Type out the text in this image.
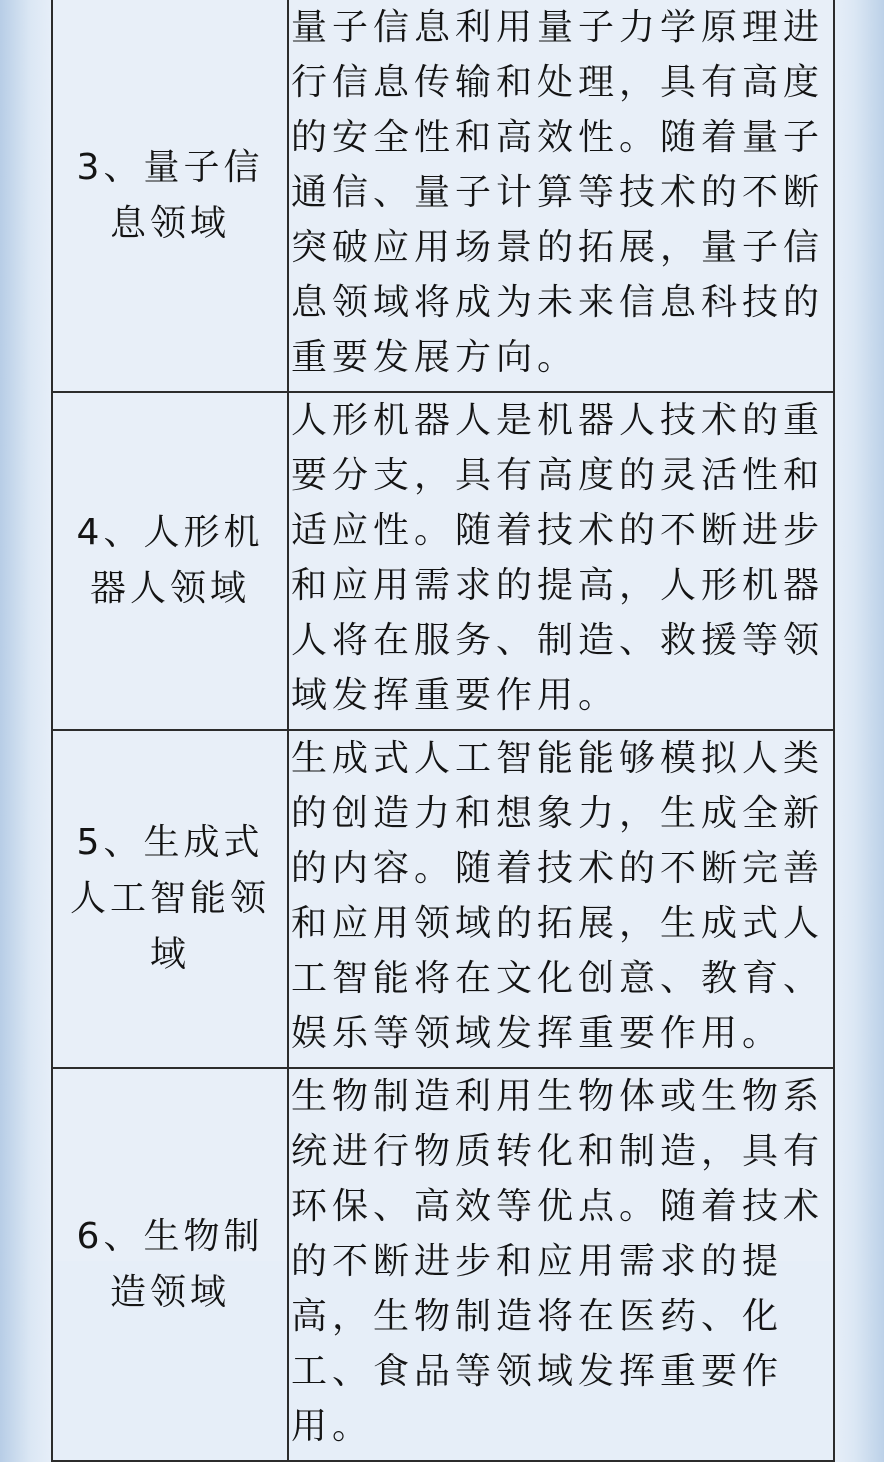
3、量子信息领域	量子信息利用量子力学原理进行信息传输和处理，具有高度的安全性和高效性。随着量子通信、量子计算等技术的不断突破应用场景的拓展，量子信息领域将成为未来信息科技的重要发展方向。
4、人形机器人领域	人形机器人是机器人技术的重要分支，具有高度的灵活性和适应性。随着技术的不断进步和应用需求的提高，人形机器人将在服务、制造、救援等领域发挥重要作用。
5、生成式人工智能领域	生成式人工智能能够模拟人类的创造力和想象力，生成全新的内容。随着技术的不断完善和应用领域的拓展，生成式人工智能将在文化创意、教育、娱乐等领域发挥重要作用。
6、生物制造领域	生物制造利用生物体或生物系统进行物质转化和制造，具有环保、高效等优点。随着技术的不断进步和应用需求的提高，生物制造将在医药、化工、食品等领域发挥重要作用。
